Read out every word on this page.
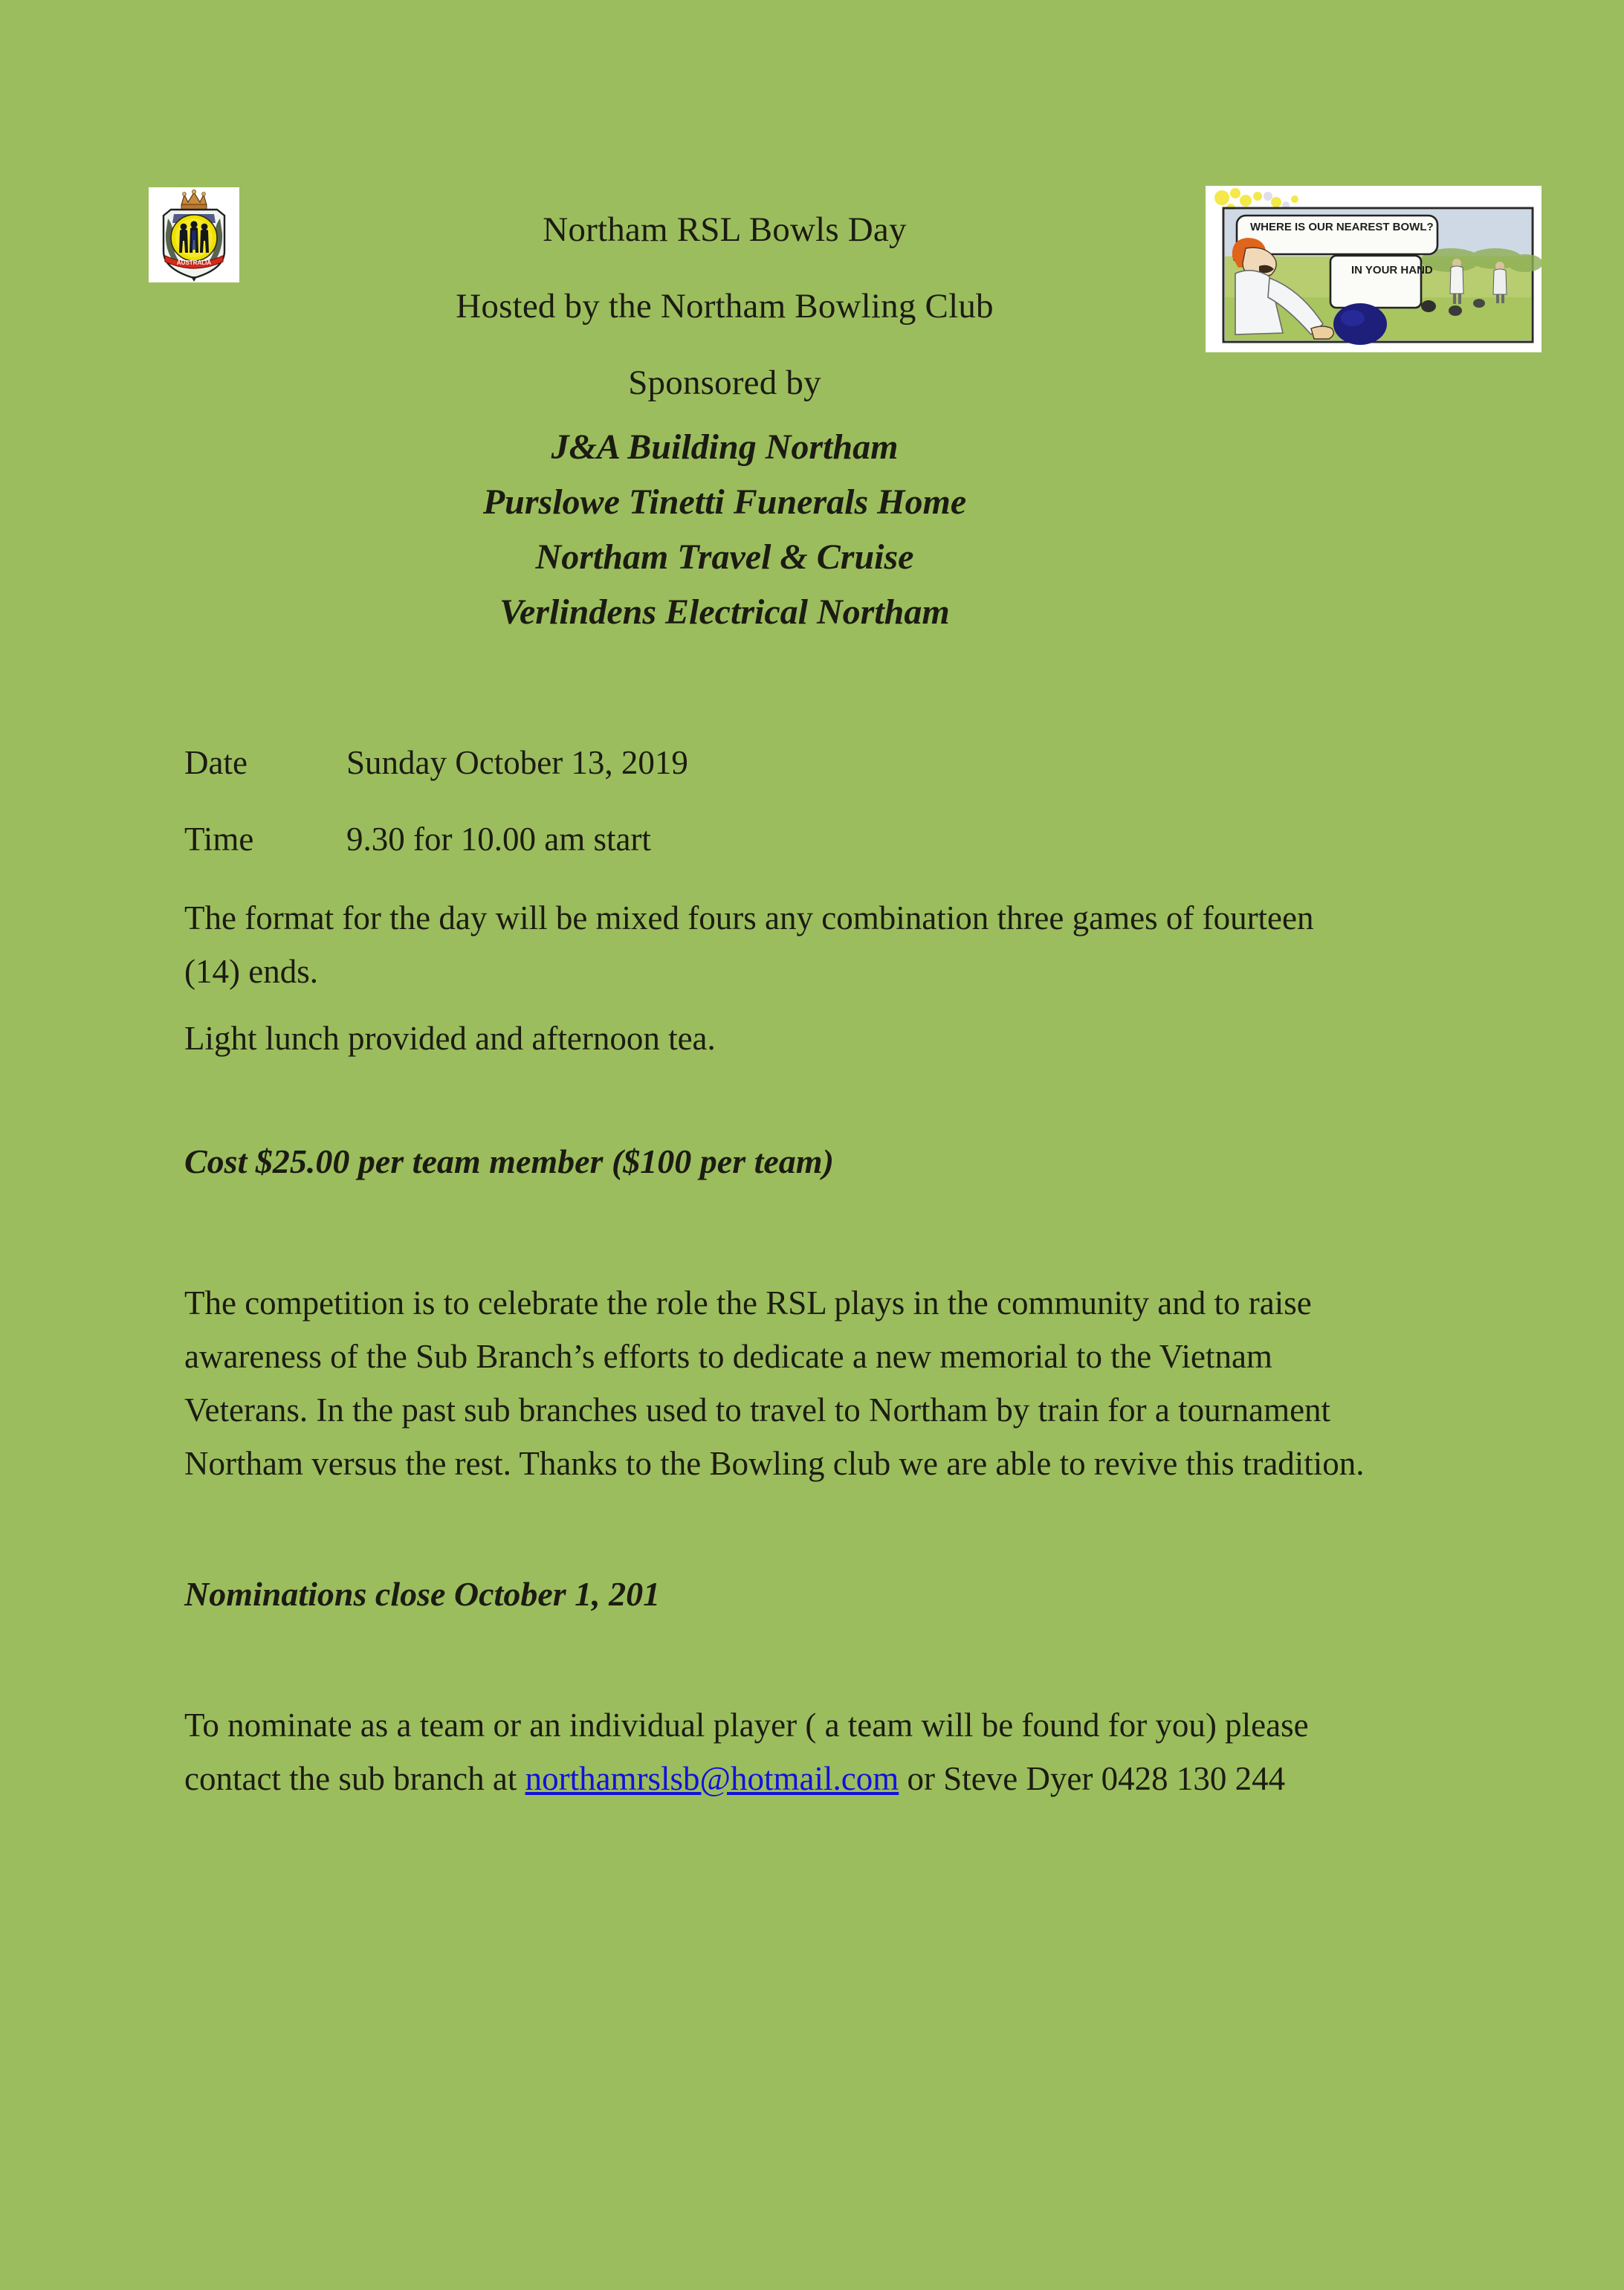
AUSTRALIA
WHERE IS OUR NEAREST BOWL?
IN YOUR HAND
Northam RSL Bowls Day
Hosted by the Northam Bowling Club
Sponsored by
J&A Building Northam
Purslowe Tinetti Funerals Home
Northam Travel & Cruise
Verlindens Electrical Northam
Date	Sunday October 13, 2019
Time	9.30 for 10.00 am start
The format for the day will be mixed fours any combination three games of fourteen (14) ends.
Light lunch provided and afternoon tea.
Cost $25.00 per team member ($100 per team)
The competition is to celebrate the role the RSL plays in the community and to raise awareness of the Sub Branch’s efforts to dedicate a new memorial to the Vietnam Veterans. In the past sub branches used to travel to Northam by train for a tournament Northam versus the rest. Thanks to the Bowling club we are able to revive this tradition.
Nominations close October 1, 201
To nominate as a team or an individual player ( a team will be found for you) please contact the sub branch at northamrslsb@hotmail.com or Steve Dyer 0428 130 244
